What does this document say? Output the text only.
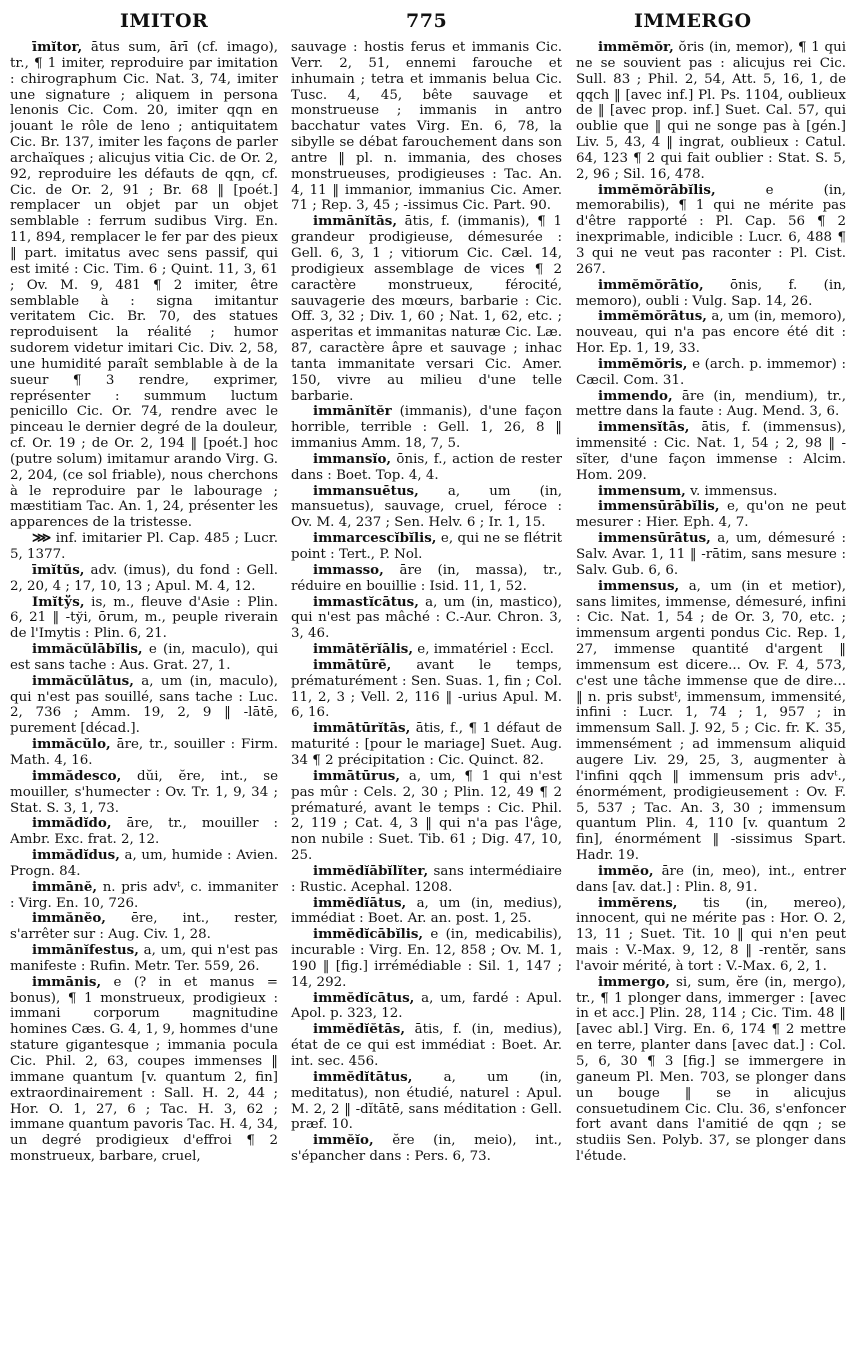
IMITOR	775	IMMERGO

īmĭtor, ātus sum, ārī (cf. imago), tr., ¶ 1 imiter, reproduire par imitation : chirographum Cic. Nat. 3, 74, imiter une signature ; aliquem in persona lenonis Cic. Com. 20, imiter qqn en jouant le rôle de leno ; antiquitatem Cic. Br. 137, imiter les façons de parler archaïques ; alicujus vitia Cic. de Or. 2, 92, reproduire les défauts de qqn, cf. Cic. de Or. 2, 91 ; Br. 68 ‖ [poét.] remplacer un objet par un objet semblable : ferrum sudibus Virg. En. 11, 894, remplacer le fer par des pieux ‖ part. imitatus avec sens passif, qui est imité : Cic. Tim. 6 ; Quint. 11, 3, 61 ; Ov. M. 9, 481 ¶ 2 imiter, être semblable à : signa imitantur veritatem Cic. Br. 70, des statues reproduisent la réalité ; humor sudorem videtur imitari Cic. Div. 2, 58, une humidité paraît semblable à de la sueur ¶ 3 rendre, exprimer, représenter : summum luctum penicillo Cic. Or. 74, rendre avec le pinceau le dernier degré de la douleur, cf. Or. 19 ; de Or. 2, 194 ‖ [poét.] hoc (putre solum) imitamur arando Virg. G. 2, 204, (ce sol friable), nous cherchons à le reproduire par le labourage ; mæstitiam Tac. An. 1, 24, présenter les apparences de la tristesse.

⋙ inf. imitarier Pl. Cap. 485 ; Lucr. 5, 1377.

īmĭtŭs, adv. (imus), du fond : Gell. 2, 20, 4 ; 17, 10, 13 ; Apul. M. 4, 12.

Imĭtўs, is, m., fleuve d'Asie : Plin. 6, 21 ‖ -tўi, ōrum, m., peuple riverain de l'Imytis : Plin. 6, 21.

immăcŭlābĭlis, e (in, maculo), qui est sans tache : Aus. Grat. 27, 1.

immăcŭlātus, a, um (in, maculo), qui n'est pas souillé, sans tache : Luc. 2, 736 ; Amm. 19, 2, 9 ‖ -lātē, purement [décad.].

immăcŭlo, āre, tr., souiller : Firm. Math. 4, 16.

immădesco, dŭi, ĕre, int., se mouiller, s'humecter : Ov. Tr. 1, 9, 34 ; Stat. S. 3, 1, 73.

immădĭdo, āre, tr., mouiller : Ambr. Exc. frat. 2, 12.

immădĭdus, a, um, humide : Avien. Progn. 84.

immānĕ, n. pris advᵗ, c. immaniter : Virg. En. 10, 726.

immănĕo, ēre, int., rester, s'arrêter sur : Aug. Civ. 1, 28.

immānĭfestus, a, um, qui n'est pas manifeste : Rufin. Metr. Ter. 559, 26.

immānis, e (? in et manus = bonus), ¶ 1 monstrueux, prodigieux : immani corporum magnitudine homines Cæs. G. 4, 1, 9, hommes d'une stature gigantesque ; immania pocula Cic. Phil. 2, 63, coupes immenses ‖ immane quantum [v. quantum 2, fin] extraordinairement : Sall. H. 2, 44 ; Hor. O. 1, 27, 6 ; Tac. H. 3, 62 ; immane quantum pavoris Tac. H. 4, 34, un degré prodigieux d'effroi ¶ 2 monstrueux, barbare, cruel,

sauvage : hostis ferus et immanis Cic. Verr. 2, 51, ennemi farouche et inhumain ; tetra et immanis belua Cic. Tusc. 4, 45, bête sauvage et monstrueuse ; immanis in antro bacchatur vates Virg. En. 6, 78, la sibylle se débat farouchement dans son antre ‖ pl. n. immania, des choses monstrueuses, prodigieuses : Tac. An. 4, 11 ‖ immanior, immanius Cic. Amer. 71 ; Rep. 3, 45 ; -issimus Cic. Part. 90.

immānĭtās, ātis, f. (immanis), ¶ 1 grandeur prodigieuse, démesurée : Gell. 6, 3, 1 ; vitiorum Cic. Cæl. 14, prodigieux assemblage de vices ¶ 2 caractère monstrueux, férocité, sauvagerie des mœurs, barbarie : Cic. Off. 3, 32 ; Div. 1, 60 ; Nat. 1, 62, etc. ; asperitas et immanitas naturæ Cic. Læ. 87, caractère âpre et sauvage ; inhac tanta immanitate versari Cic. Amer. 150, vivre au milieu d'une telle barbarie.

immānĭtĕr (immanis), d'une façon horrible, terrible : Gell. 1, 26, 8 ‖ immanius Amm. 18, 7, 5.

immansĭo, ōnis, f., action de rester dans : Boet. Top. 4, 4.

immansuētus, a, um (in, mansuetus), sauvage, cruel, féroce : Ov. M. 4, 237 ; Sen. Helv. 6 ; Ir. 1, 15.

immarcescĭbĭlis, e, qui ne se flétrit point : Tert., P. Nol.

immasso, āre (in, massa), tr., réduire en bouillie : Isid. 11, 1, 52.

immastĭcātus, a, um (in, mastico), qui n'est pas mâché : C.-Aur. Chron. 3, 3, 46.

immātĕrĭālis, e, immatériel : Eccl.

immātūrē, avant le temps, prématurément : Sen. Suas. 1, fin ; Col. 11, 2, 3 ; Vell. 2, 116 ‖ -urius Apul. M. 6, 16.

immātūrĭtās, ātis, f., ¶ 1 défaut de maturité : [pour le mariage] Suet. Aug. 34 ¶ 2 précipitation : Cic. Quinct. 82.

immātūrus, a, um, ¶ 1 qui n'est pas mûr : Cels. 2, 30 ; Plin. 12, 49 ¶ 2 prématuré, avant le temps : Cic. Phil. 2, 119 ; Cat. 4, 3 ‖ qui n'a pas l'âge, non nubile : Suet. Tib. 61 ; Dig. 47, 10, 25.

immĕdĭābĭlĭter, sans intermédiaire : Rustic. Acephal. 1208.

immĕdĭātus, a, um (in, medius), immédiat : Boet. Ar. an. post. 1, 25.

immĕdĭcābĭlis, e (in, medicabilis), incurable : Virg. En. 12, 858 ; Ov. M. 1, 190 ‖ [fig.] irrémédiable : Sil. 1, 147 ; 14, 292.

immĕdĭcātus, a, um, fardé : Apul. Apol. p. 323, 12.

immĕdĭĕtās, ātis, f. (in, medius), état de ce qui est immédiat : Boet. Ar. int. sec. 456.

immĕdĭtātus, a, um (in, meditatus), non étudié, naturel : Apul. M. 2, 2 ‖ -dĭtātē, sans méditation : Gell. præf. 10.

immĕĭo, ĕre (in, meio), int., s'épancher dans : Pers. 6, 73.

immĕmŏr, ŏris (in, memor), ¶ 1 qui ne se souvient pas : alicujus rei Cic. Sull. 83 ; Phil. 2, 54, Att. 5, 16, 1, de qqch ‖ [avec inf.] Pl. Ps. 1104, oublieux de ‖ [avec prop. inf.] Suet. Cal. 57, qui oublie que ‖ qui ne songe pas à [gén.] Liv. 5, 43, 4 ‖ ingrat, oublieux : Catul. 64, 123 ¶ 2 qui fait oublier : Stat. S. 5, 2, 96 ; Sil. 16, 478.

immĕmŏrābĭlis,	e (in, memorabilis), ¶ 1 qui ne mérite pas d'être rapporté : Pl. Cap. 56 ¶ 2 inexprimable, indicible : Lucr. 6, 488 ¶ 3 qui ne veut pas raconter : Pl. Cist. 267.

immĕmŏrātĭo, ōnis, f. (in, memoro), oubli : Vulg. Sap. 14, 26.

immĕmŏrātus, a, um (in, memoro), nouveau, qui n'a pas encore été dit : Hor. Ep. 1, 19, 33.

immĕmŏris, e (arch. p. immemor) : Cæcil. Com. 31.

immendo, āre (in, mendium), tr., mettre dans la faute : Aug. Mend. 3, 6.

immensĭtās, ātis, f. (immensus), immensité : Cic. Nat. 1, 54 ; 2, 98 ‖ -sĭter, d'une façon immense : Alcim. Hom. 209.

immensum, v. immensus.

immensūrābĭlis, e, qu'on ne peut mesurer : Hier. Eph. 4, 7.

immensūrātus, a, um, démesuré : Salv. Avar. 1, 11 ‖ -rātim, sans mesure : Salv. Gub. 6, 6.

immensus, a, um (in et metior), sans limites, immense, démesuré, infini : Cic. Nat. 1, 54 ; de Or. 3, 70, etc. ; immensum argenti pondus Cic. Rep. 1, 27, immense quantité d'argent ‖ immensum est dicere... Ov. F. 4, 573, c'est une tâche immense que de dire... ‖ n. pris substᵗ, immensum, immensité, infini : Lucr. 1, 74 ; 1, 957 ; in immensum Sall. J. 92, 5 ; Cic. fr. K. 35, immensément ; ad immensum aliquid augere Liv. 29, 25, 3, augmenter à l'infini qqch ‖ immensum pris advᵗ., énormément, prodigieusement : Ov. F. 5, 537 ; Tac. An. 3, 30 ; immensum quantum Plin. 4, 110 [v. quantum 2 fin], énormément ‖ -sissimus Spart. Hadr. 19.

immĕo, āre (in, meo), int., entrer dans [av. dat.] : Plin. 8, 91.

immĕrens, tis (in, mereo), innocent, qui ne mérite pas : Hor. O. 2, 13, 11 ; Suet. Tit. 10 ‖ qui n'en peut mais : V.-Max. 9, 12, 8 ‖ -rentĕr, sans l'avoir mérité, à tort : V.-Max. 6, 2, 1.

immergo, si, sum, ĕre (in, mergo), tr., ¶ 1 plonger dans, immerger : [avec in et acc.] Plin. 28, 114 ; Cic. Tim. 48 ‖ [avec abl.] Virg. En. 6, 174 ¶ 2 mettre en terre, planter dans [avec dat.] : Col. 5, 6, 30 ¶ 3 [fig.] se immergere in ganeum Pl. Men. 703, se plonger dans un bouge ‖ se in alicujus consuetudinem Cic. Clu. 36, s'enfoncer fort avant dans l'amitié de qqn ; se studiis Sen. Polyb. 37, se plonger dans l'étude.
